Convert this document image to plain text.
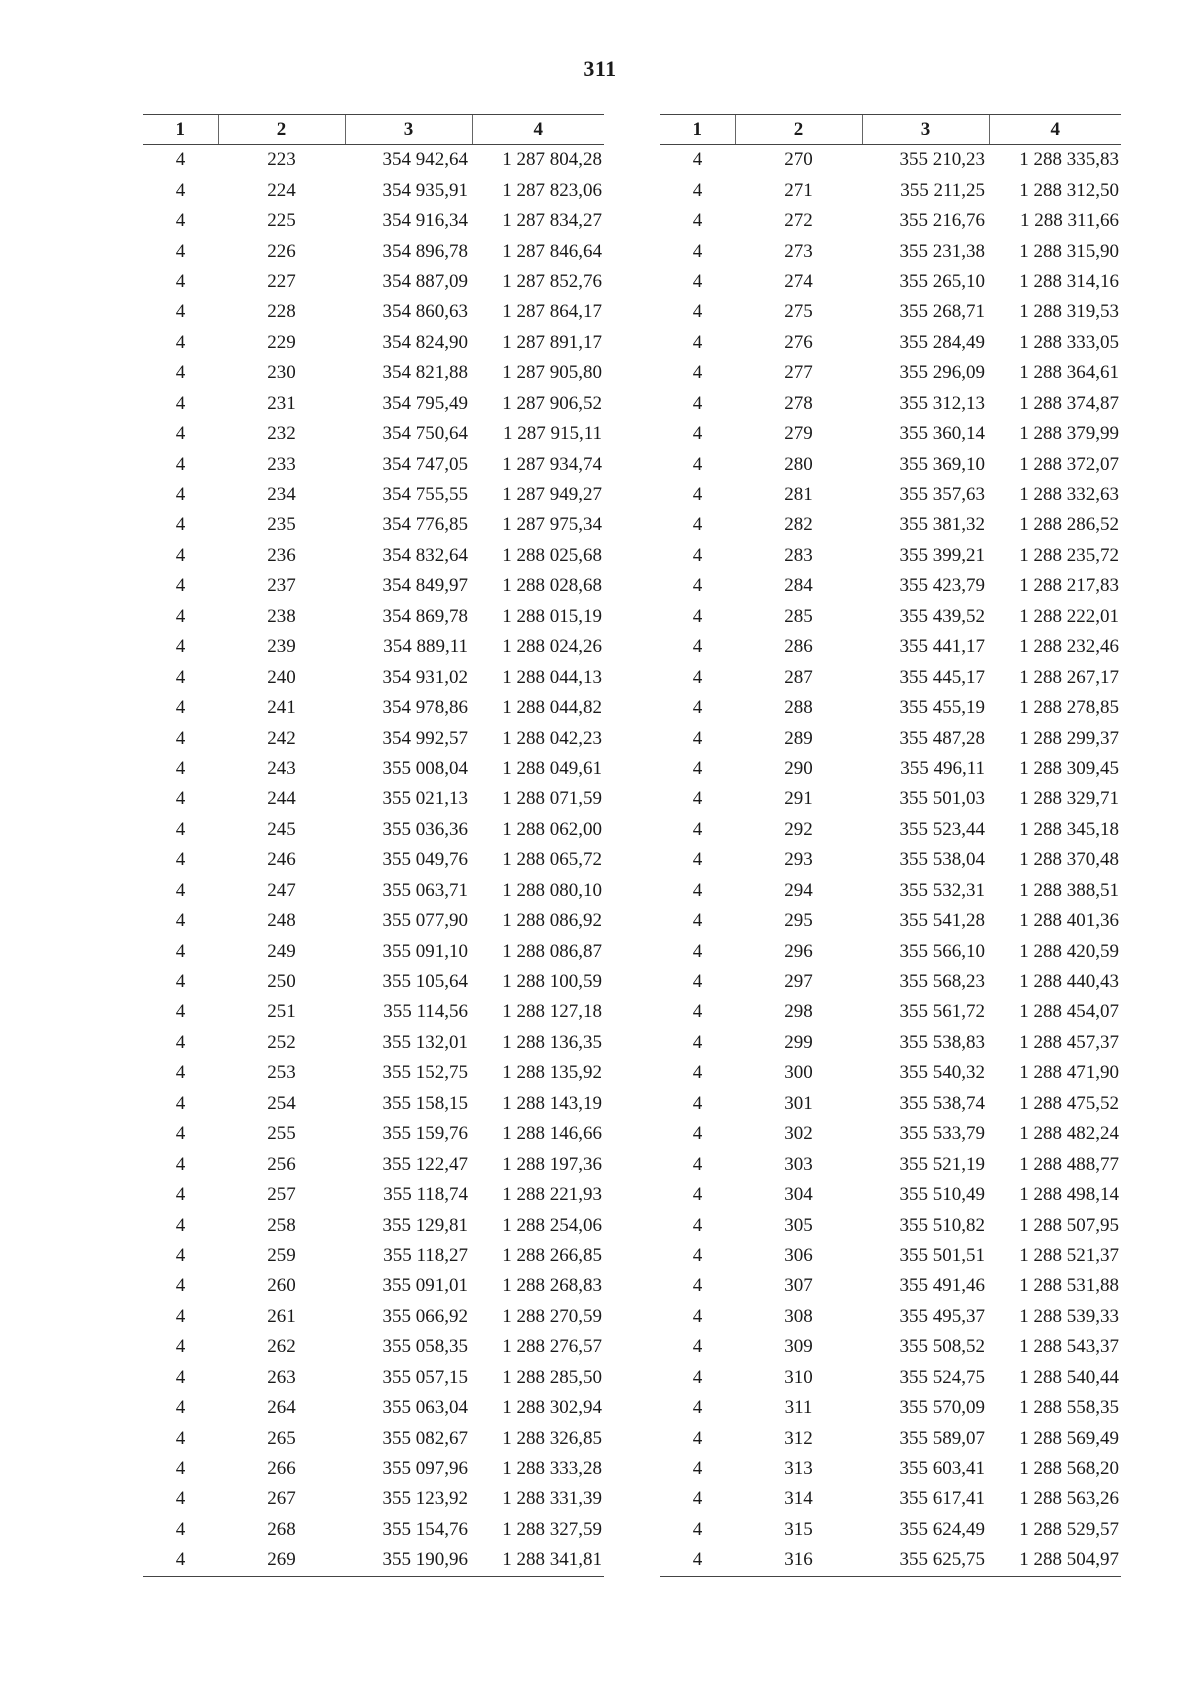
311
1	2	3	4
4	223	354 942,64	1 287 804,28
4	224	354 935,91	1 287 823,06
4	225	354 916,34	1 287 834,27
4	226	354 896,78	1 287 846,64
4	227	354 887,09	1 287 852,76
4	228	354 860,63	1 287 864,17
4	229	354 824,90	1 287 891,17
4	230	354 821,88	1 287 905,80
4	231	354 795,49	1 287 906,52
4	232	354 750,64	1 287 915,11
4	233	354 747,05	1 287 934,74
4	234	354 755,55	1 287 949,27
4	235	354 776,85	1 287 975,34
4	236	354 832,64	1 288 025,68
4	237	354 849,97	1 288 028,68
4	238	354 869,78	1 288 015,19
4	239	354 889,11	1 288 024,26
4	240	354 931,02	1 288 044,13
4	241	354 978,86	1 288 044,82
4	242	354 992,57	1 288 042,23
4	243	355 008,04	1 288 049,61
4	244	355 021,13	1 288 071,59
4	245	355 036,36	1 288 062,00
4	246	355 049,76	1 288 065,72
4	247	355 063,71	1 288 080,10
4	248	355 077,90	1 288 086,92
4	249	355 091,10	1 288 086,87
4	250	355 105,64	1 288 100,59
4	251	355 114,56	1 288 127,18
4	252	355 132,01	1 288 136,35
4	253	355 152,75	1 288 135,92
4	254	355 158,15	1 288 143,19
4	255	355 159,76	1 288 146,66
4	256	355 122,47	1 288 197,36
4	257	355 118,74	1 288 221,93
4	258	355 129,81	1 288 254,06
4	259	355 118,27	1 288 266,85
4	260	355 091,01	1 288 268,83
4	261	355 066,92	1 288 270,59
4	262	355 058,35	1 288 276,57
4	263	355 057,15	1 288 285,50
4	264	355 063,04	1 288 302,94
4	265	355 082,67	1 288 326,85
4	266	355 097,96	1 288 333,28
4	267	355 123,92	1 288 331,39
4	268	355 154,76	1 288 327,59
4	269	355 190,96	1 288 341,81
1	2	3	4
4	270	355 210,23	1 288 335,83
4	271	355 211,25	1 288 312,50
4	272	355 216,76	1 288 311,66
4	273	355 231,38	1 288 315,90
4	274	355 265,10	1 288 314,16
4	275	355 268,71	1 288 319,53
4	276	355 284,49	1 288 333,05
4	277	355 296,09	1 288 364,61
4	278	355 312,13	1 288 374,87
4	279	355 360,14	1 288 379,99
4	280	355 369,10	1 288 372,07
4	281	355 357,63	1 288 332,63
4	282	355 381,32	1 288 286,52
4	283	355 399,21	1 288 235,72
4	284	355 423,79	1 288 217,83
4	285	355 439,52	1 288 222,01
4	286	355 441,17	1 288 232,46
4	287	355 445,17	1 288 267,17
4	288	355 455,19	1 288 278,85
4	289	355 487,28	1 288 299,37
4	290	355 496,11	1 288 309,45
4	291	355 501,03	1 288 329,71
4	292	355 523,44	1 288 345,18
4	293	355 538,04	1 288 370,48
4	294	355 532,31	1 288 388,51
4	295	355 541,28	1 288 401,36
4	296	355 566,10	1 288 420,59
4	297	355 568,23	1 288 440,43
4	298	355 561,72	1 288 454,07
4	299	355 538,83	1 288 457,37
4	300	355 540,32	1 288 471,90
4	301	355 538,74	1 288 475,52
4	302	355 533,79	1 288 482,24
4	303	355 521,19	1 288 488,77
4	304	355 510,49	1 288 498,14
4	305	355 510,82	1 288 507,95
4	306	355 501,51	1 288 521,37
4	307	355 491,46	1 288 531,88
4	308	355 495,37	1 288 539,33
4	309	355 508,52	1 288 543,37
4	310	355 524,75	1 288 540,44
4	311	355 570,09	1 288 558,35
4	312	355 589,07	1 288 569,49
4	313	355 603,41	1 288 568,20
4	314	355 617,41	1 288 563,26
4	315	355 624,49	1 288 529,57
4	316	355 625,75	1 288 504,97
